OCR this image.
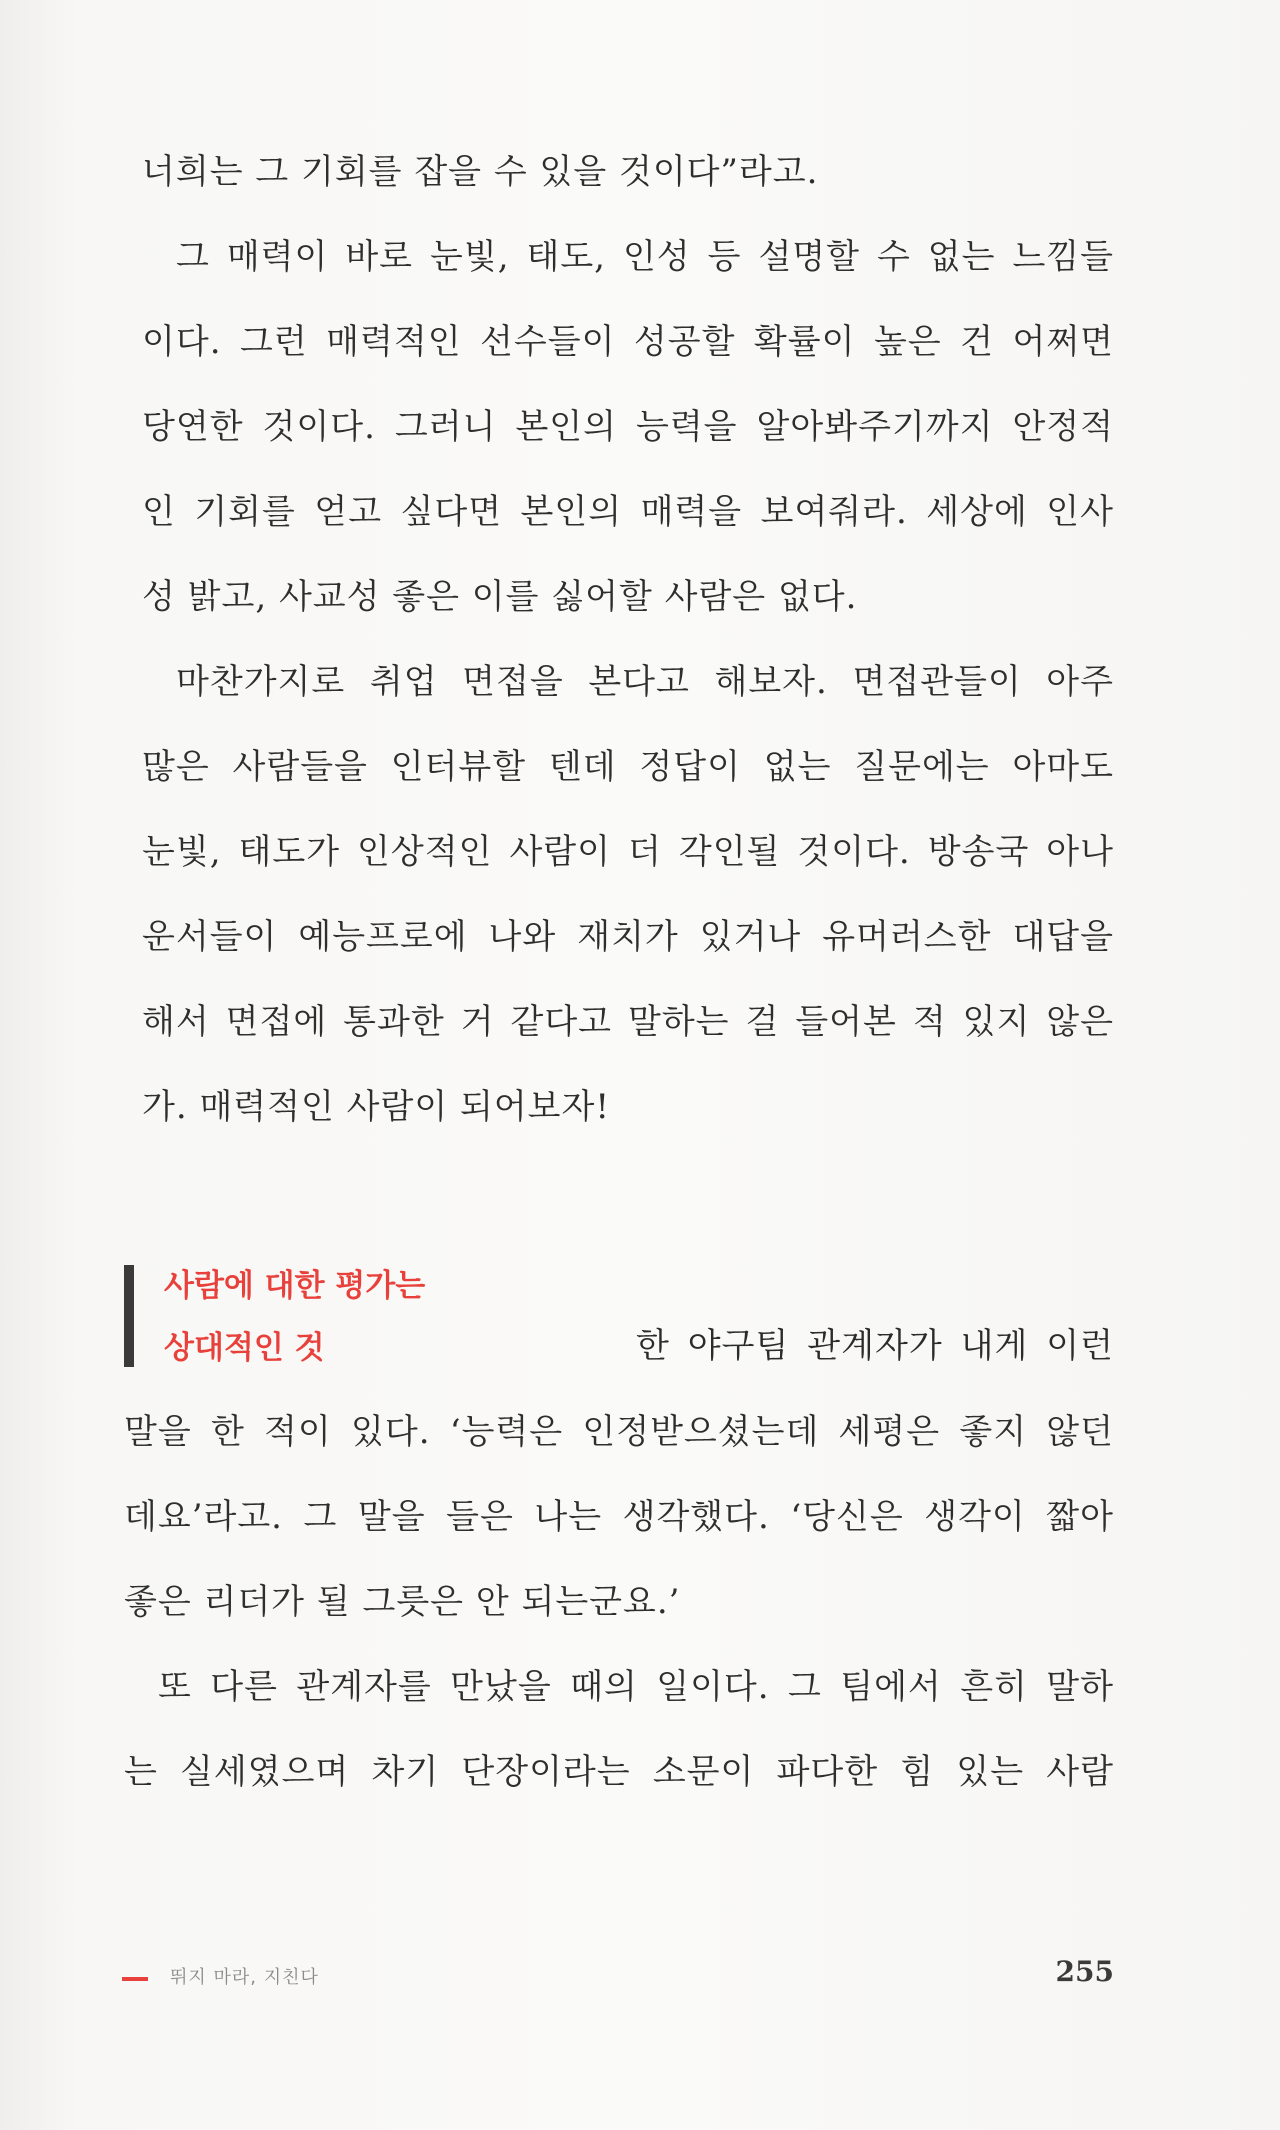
너희는 그 기회를 잡을 수 있을 것이다”라고.
그 매력이 바로 눈빛, 태도, 인성 등 설명할 수 없는 느낌들
이다. 그런 매력적인 선수들이 성공할 확률이 높은 건 어쩌면
당연한 것이다. 그러니 본인의 능력을 알아봐주기까지 안정적
인 기회를 얻고 싶다면 본인의 매력을 보여줘라. 세상에 인사
성 밝고, 사교성 좋은 이를 싫어할 사람은 없다.
마찬가지로 취업 면접을 본다고 해보자. 면접관들이 아주
많은 사람들을 인터뷰할 텐데 정답이 없는 질문에는 아마도
눈빛, 태도가 인상적인 사람이 더 각인될 것이다. 방송국 아나
운서들이 예능프로에 나와 재치가 있거나 유머러스한 대답을
해서 면접에 통과한 거 같다고 말하는 걸 들어본 적 있지 않은
가. 매력적인 사람이 되어보자!
사람에 대한 평가는
상대적인 것	한 야구팀 관계자가 내게 이런
말을 한 적이 있다. ‘능력은 인정받으셨는데 세평은 좋지 않던
데요’라고. 그 말을 들은 나는 생각했다. ‘당신은 생각이 짧아
좋은 리더가 될 그릇은 안 되는군요.’
또 다른 관계자를 만났을 때의 일이다. 그 팀에서 흔히 말하
는 실세였으며 차기 단장이라는 소문이 파다한 힘 있는 사람
뛰지 마라, 지친다	255
